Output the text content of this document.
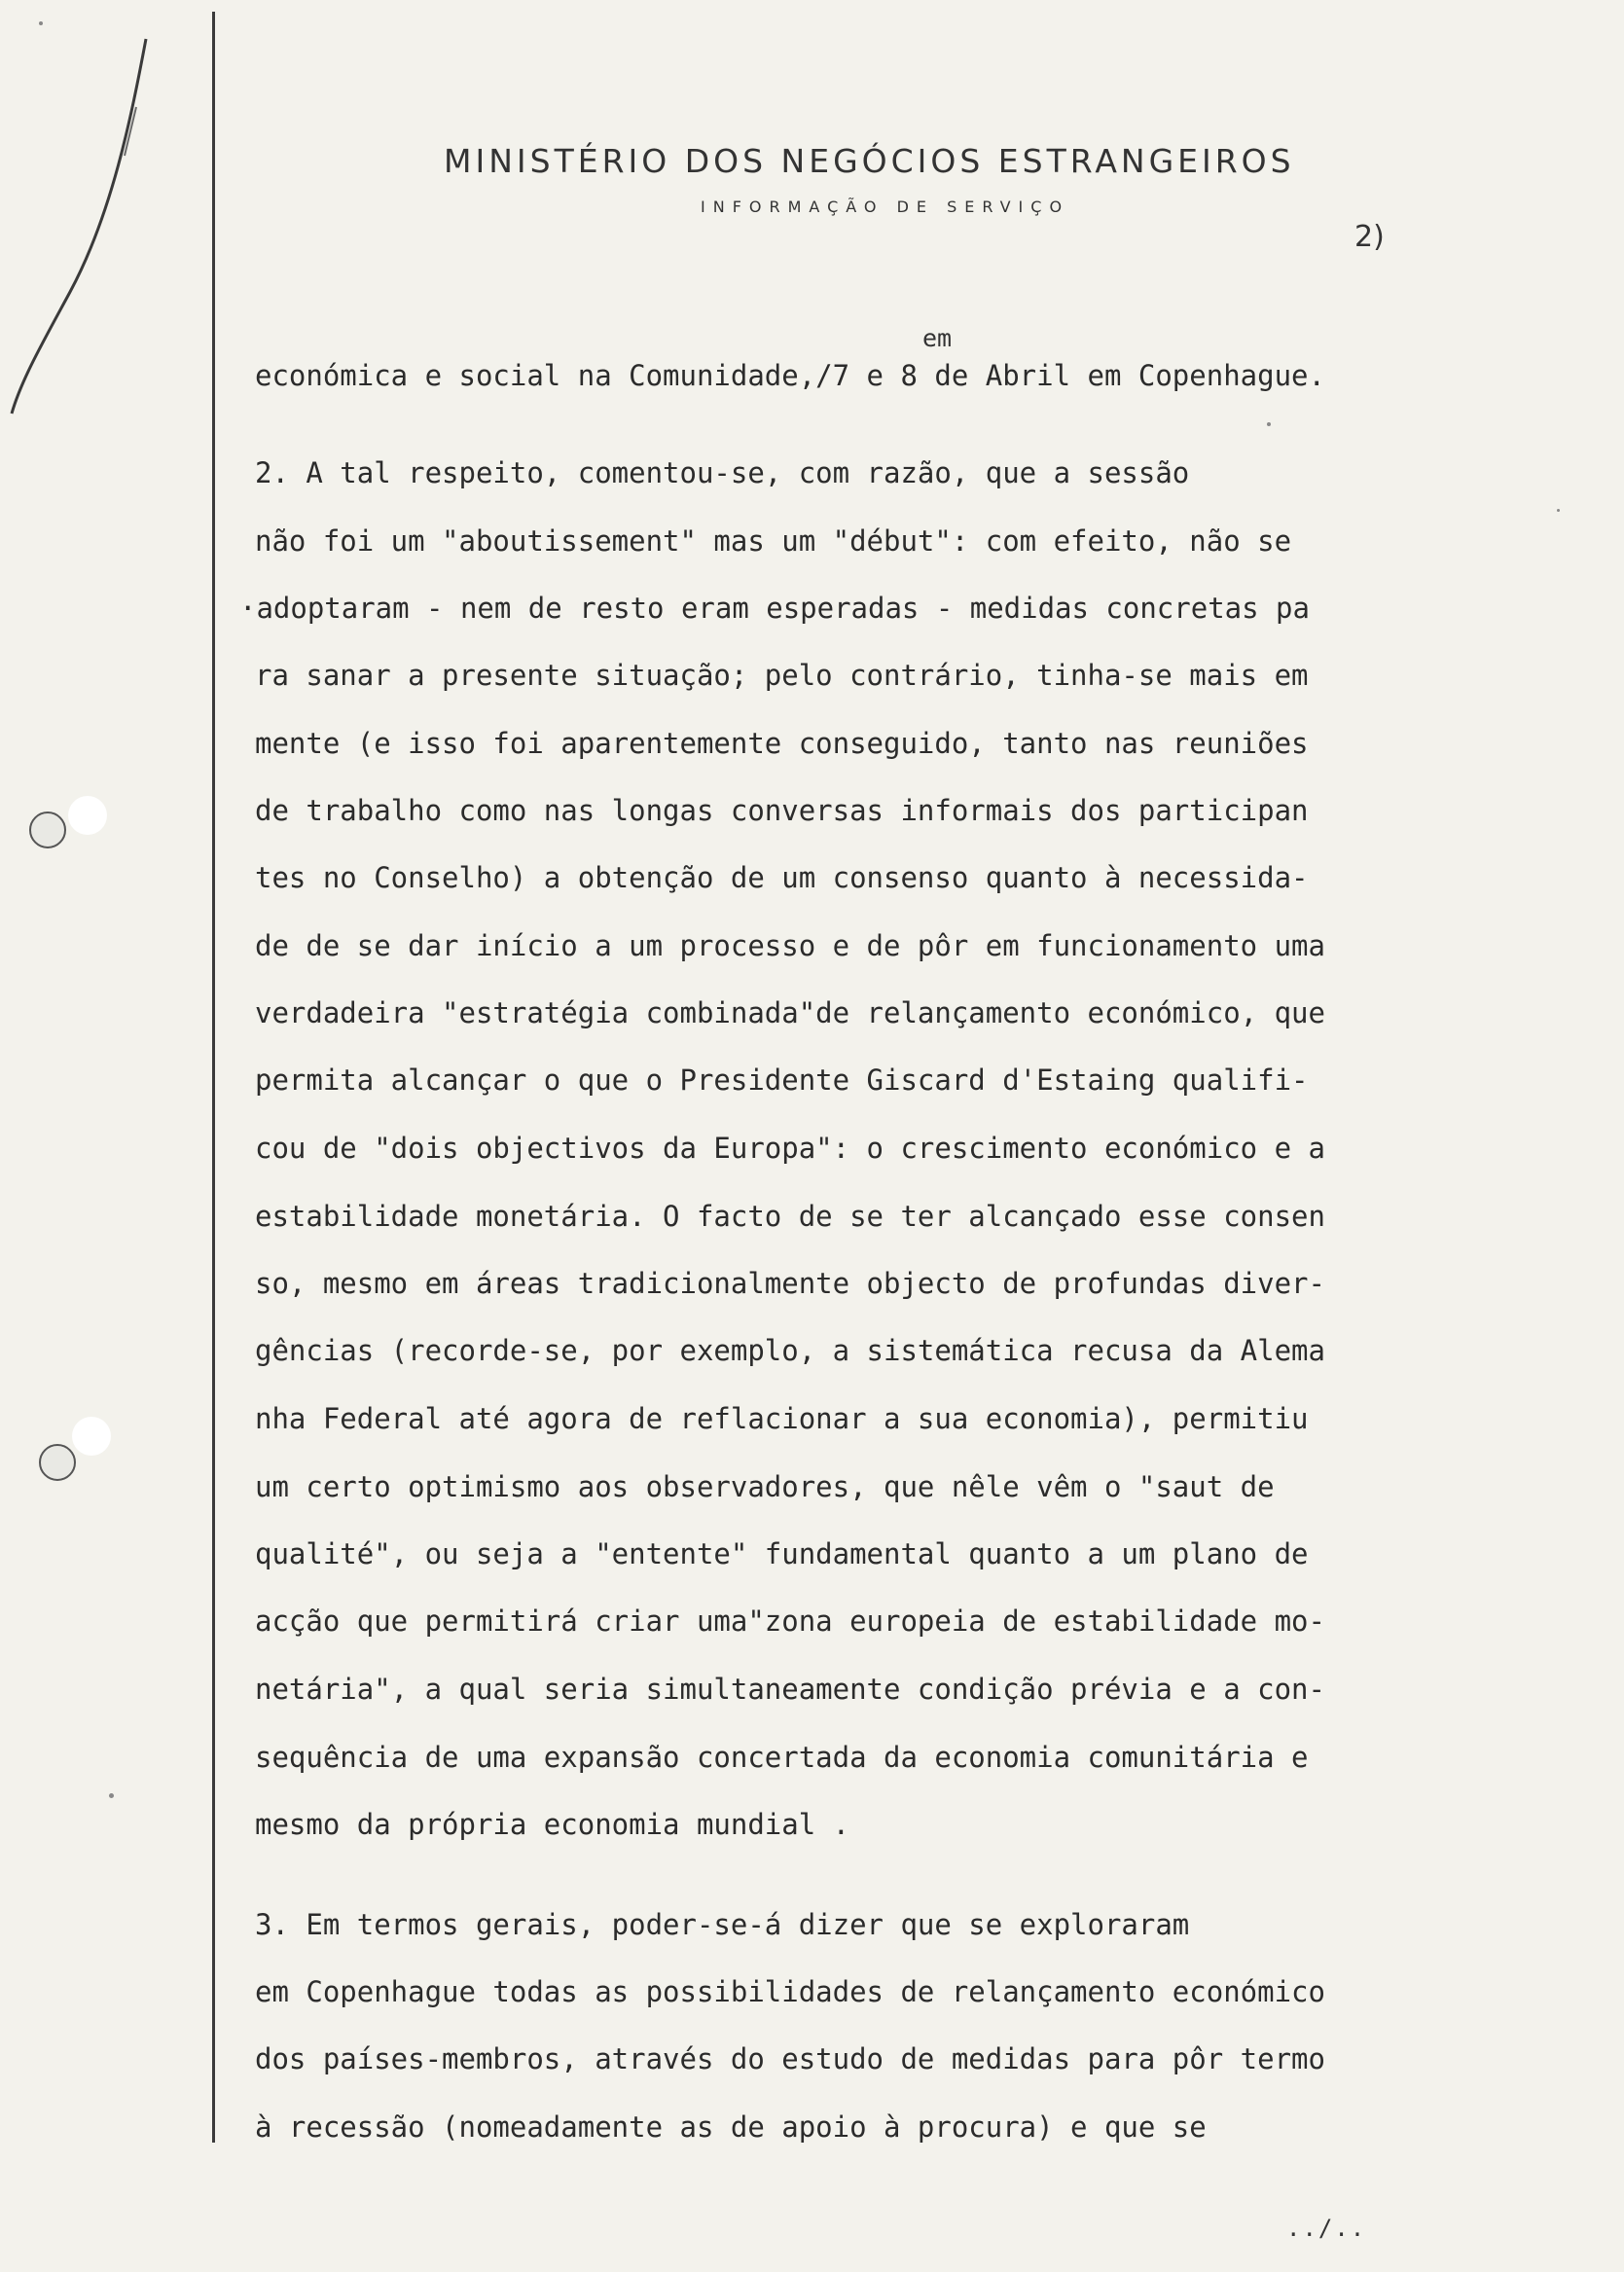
MINISTÉRIO DOS NEGÓCIOS ESTRANGEIROS
INFORMAÇÃO DE SERVIÇO
2)
em
económica e social na Comunidade,/7 e 8 de Abril em Copenhague.
2. A tal respeito, comentou-se, com razão, que a sessão
não foi um "aboutissement" mas um "début": com efeito, não se
·adoptaram - nem de resto eram esperadas - medidas concretas pa
ra sanar a presente situação; pelo contrário, tinha-se mais em
mente (e isso foi aparentemente conseguido, tanto nas reuniões
de trabalho como nas longas conversas informais dos participan
tes no Conselho) a obtenção de um consenso quanto à necessida-
de de se dar início a um processo e de pôr em funcionamento uma
verdadeira "estratégia combinada"de relançamento económico, que
permita alcançar o que o Presidente Giscard d'Estaing qualifi-
cou de "dois objectivos da Europa": o crescimento económico e a
estabilidade monetária. O facto de se ter alcançado esse consen
so, mesmo em áreas tradicionalmente objecto de profundas diver-
gências (recorde-se, por exemplo, a sistemática recusa da Alema
nha Federal até agora de reflacionar a sua economia), permitiu
um certo optimismo aos observadores, que nêle vêm o "saut de
qualité", ou seja a "entente" fundamental quanto a um plano de
acção que permitirá criar uma"zona europeia de estabilidade mo-
netária", a qual seria simultaneamente condição prévia e a con-
sequência de uma expansão concertada da economia comunitária e
mesmo da própria economia mundial .
3. Em termos gerais, poder-se-á dizer que se exploraram
em Copenhague todas as possibilidades de relançamento económico
dos países-membros, através do estudo de medidas para pôr termo
à recessão (nomeadamente as de apoio à procura) e que se
../..
